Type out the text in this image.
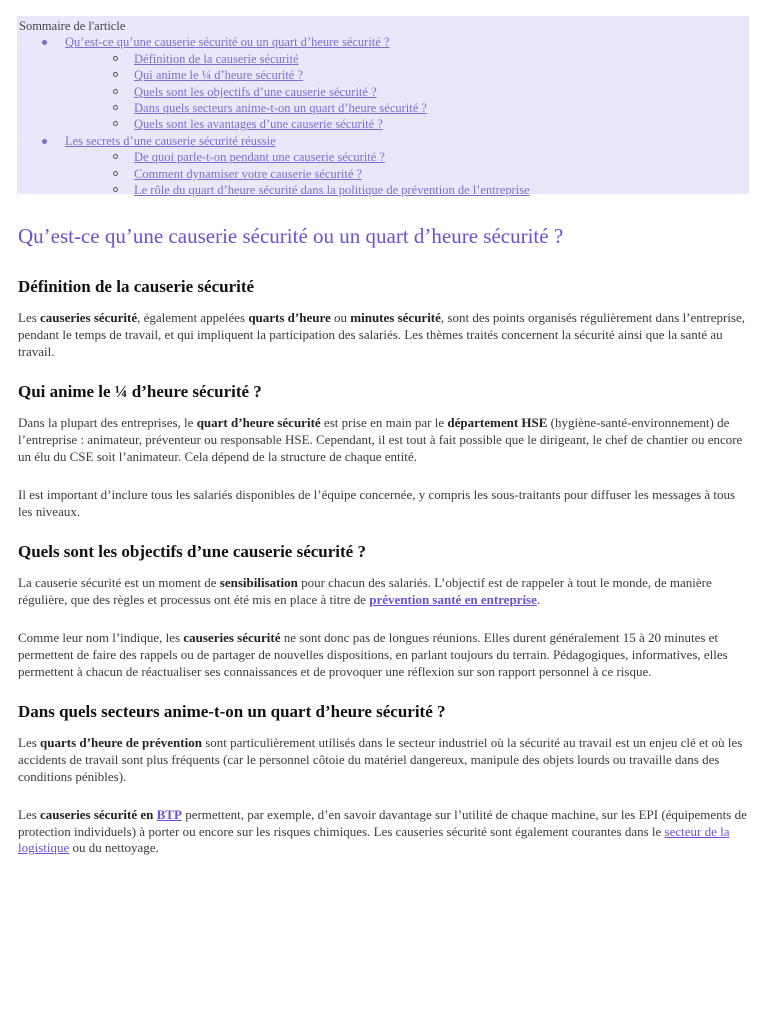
Sommaire de l'article
Qu’est-ce qu’une causerie sécurité ou un quart d’heure sécurité ?
Définition de la causerie sécurité
Qui anime le ¼ d’heure sécurité ?
Quels sont les objectifs d’une causerie sécurité ?
Dans quels secteurs anime-t-on un quart d’heure sécurité ?
Quels sont les avantages d’une causerie sécurité ?
Les secrets d’une causerie sécurité réussie
De quoi parle-t-on pendant une causerie sécurité ?
Comment dynamiser votre causerie sécurité ?
Le rôle du quart d’heure sécurité dans la politique de prévention de l’entreprise
Qu’est-ce qu’une causerie sécurité ou un quart d’heure sécurité ?
Définition de la causerie sécurité

Les causeries sécurité, également appelées quarts d’heure ou minutes sécurité, sont des points organisés régulièrement dans l’entreprise, pendant le temps de travail, et qui impliquent la participation des salariés. Les thèmes traités concernent la sécurité ainsi que la santé au travail.

Qui anime le ¼ d’heure sécurité ?

Dans la plupart des entreprises, le quart d’heure sécurité est prise en main par le département HSE (hygiène-santé-environnement) de l’entreprise : animateur, préventeur ou responsable HSE. Cependant, il est tout à fait possible que le dirigeant, le chef de chantier ou encore un élu du CSE soit l’animateur. Cela dépend de la structure de chaque entité.

Il est important d’inclure tous les salariés disponibles de l’équipe concernée, y compris les sous-traitants pour diffuser les messages à tous les niveaux.

Quels sont les objectifs d’une causerie sécurité ?

La causerie sécurité est un moment de sensibilisation pour chacun des salariés. L’objectif est de rappeler à tout le monde, de manière régulière, que des règles et processus ont été mis en place à titre de prévention santé en entreprise.

Comme leur nom l’indique, les causeries sécurité ne sont donc pas de longues réunions. Elles durent généralement 15 à 20 minutes et permettent de faire des rappels ou de partager de nouvelles dispositions, en parlant toujours du terrain. Pédagogiques, informatives, elles permettent à chacun de réactualiser ses connaissances et de provoquer une réflexion sur son rapport personnel à ce risque.

Dans quels secteurs anime-t-on un quart d’heure sécurité ?

Les quarts d’heure de prévention sont particulièrement utilisés dans le secteur industriel où la sécurité au travail est un enjeu clé et où les accidents de travail sont plus fréquents (car le personnel côtoie du matériel dangereux, manipule des objets lourds ou travaille dans des conditions pénibles).

Les causeries sécurité en BTP permettent, par exemple, d’en savoir davantage sur l’utilité de chaque machine, sur les EPI (équipements de protection individuels) à porter ou encore sur les risques chimiques. Les causeries sécurité sont également courantes dans le secteur de la logistique ou du nettoyage.
